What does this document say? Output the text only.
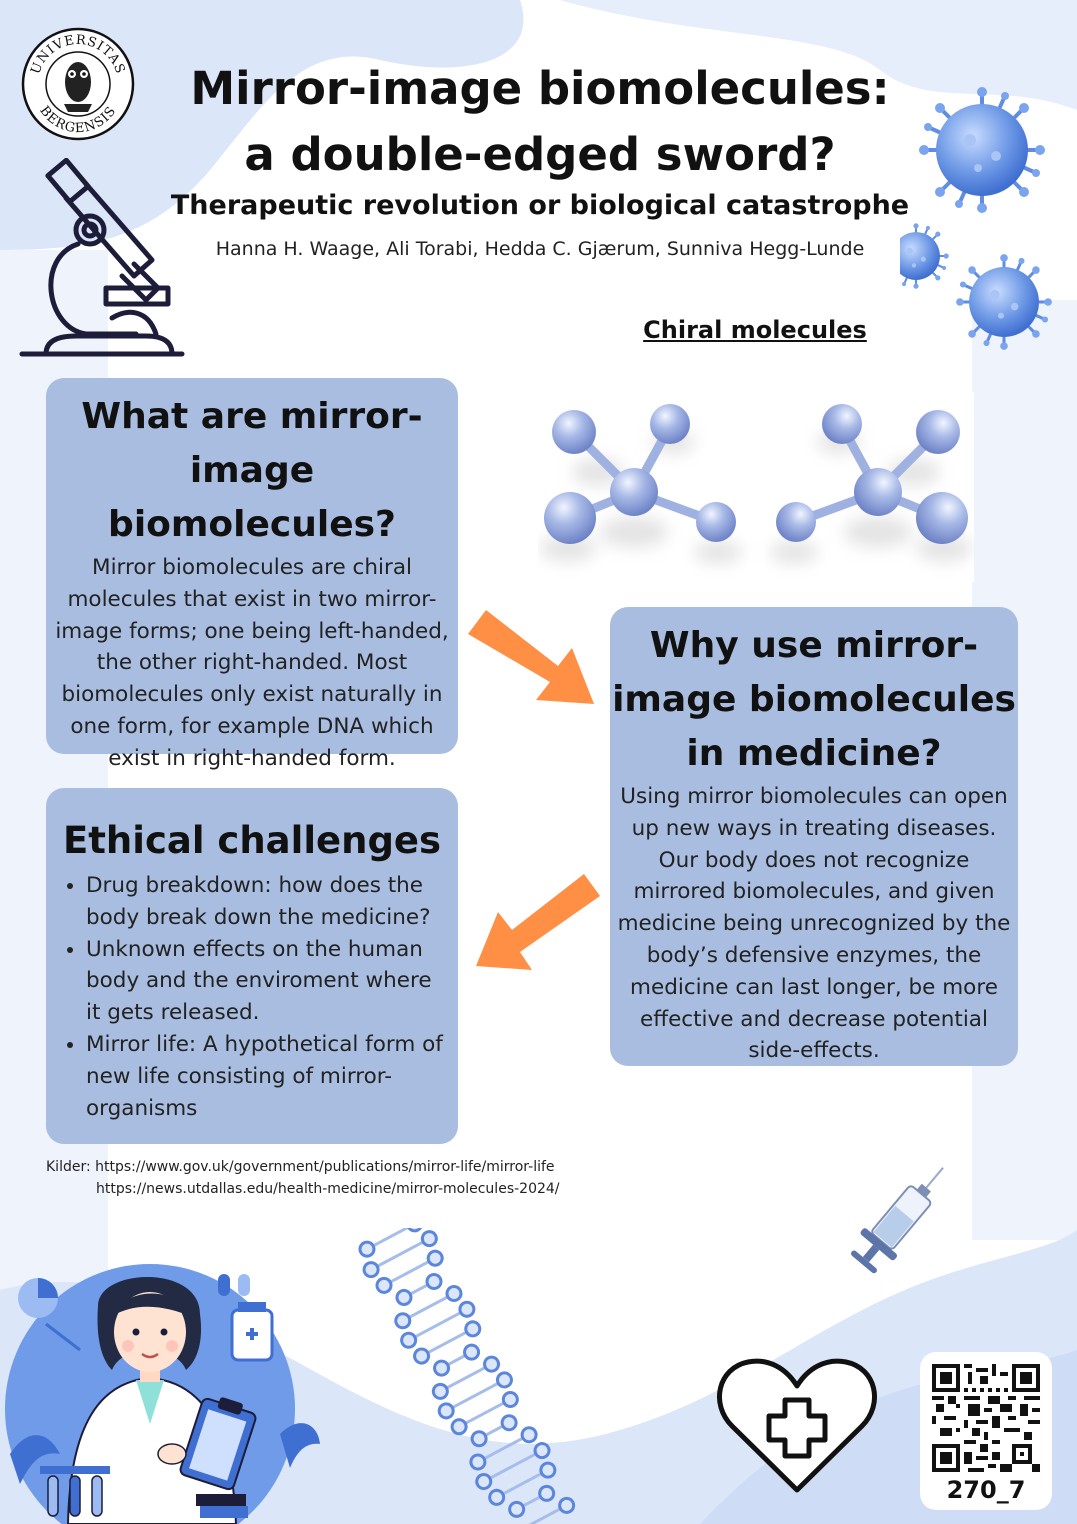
UNIVERSITAS
BERGENSIS	Mirror-image biomolecules:
a double-edged sword?

Therapeutic revolution or biological catastrophe

Hanna H. Waage, Ali Torabi, Hedda C. Gjærum, Sunniva Hegg-Lunde

Chiral molecules
What are mirror-
image biomolecules?

Mirror biomolecules are chiral molecules that exist in two mirror-image forms; one being left-handed, the other right-handed. Most biomolecules only exist naturally in one form, for example DNA which exist in right-handed form.

Why use mirror-
image biomolecules
in medicine?

Using mirror biomolecules can open up new ways in treating diseases. Our body does not recognize mirrored biomolecules, and given medicine being unrecognized by the body’s defensive enzymes, the medicine can last longer, be more effective and decrease potential side-effects.

Ethical challenges
• Drug breakdown: how does the body break down the medicine?
• Unknown effects on the human body and the enviroment where it gets released.
• Mirror life: A hypothetical form of new life consisting of mirror-organisms
Kilder: https://www.gov.uk/government/publications/mirror-life/mirror-life
https://news.utdallas.edu/health-medicine/mirror-molecules-2024/
270_7
